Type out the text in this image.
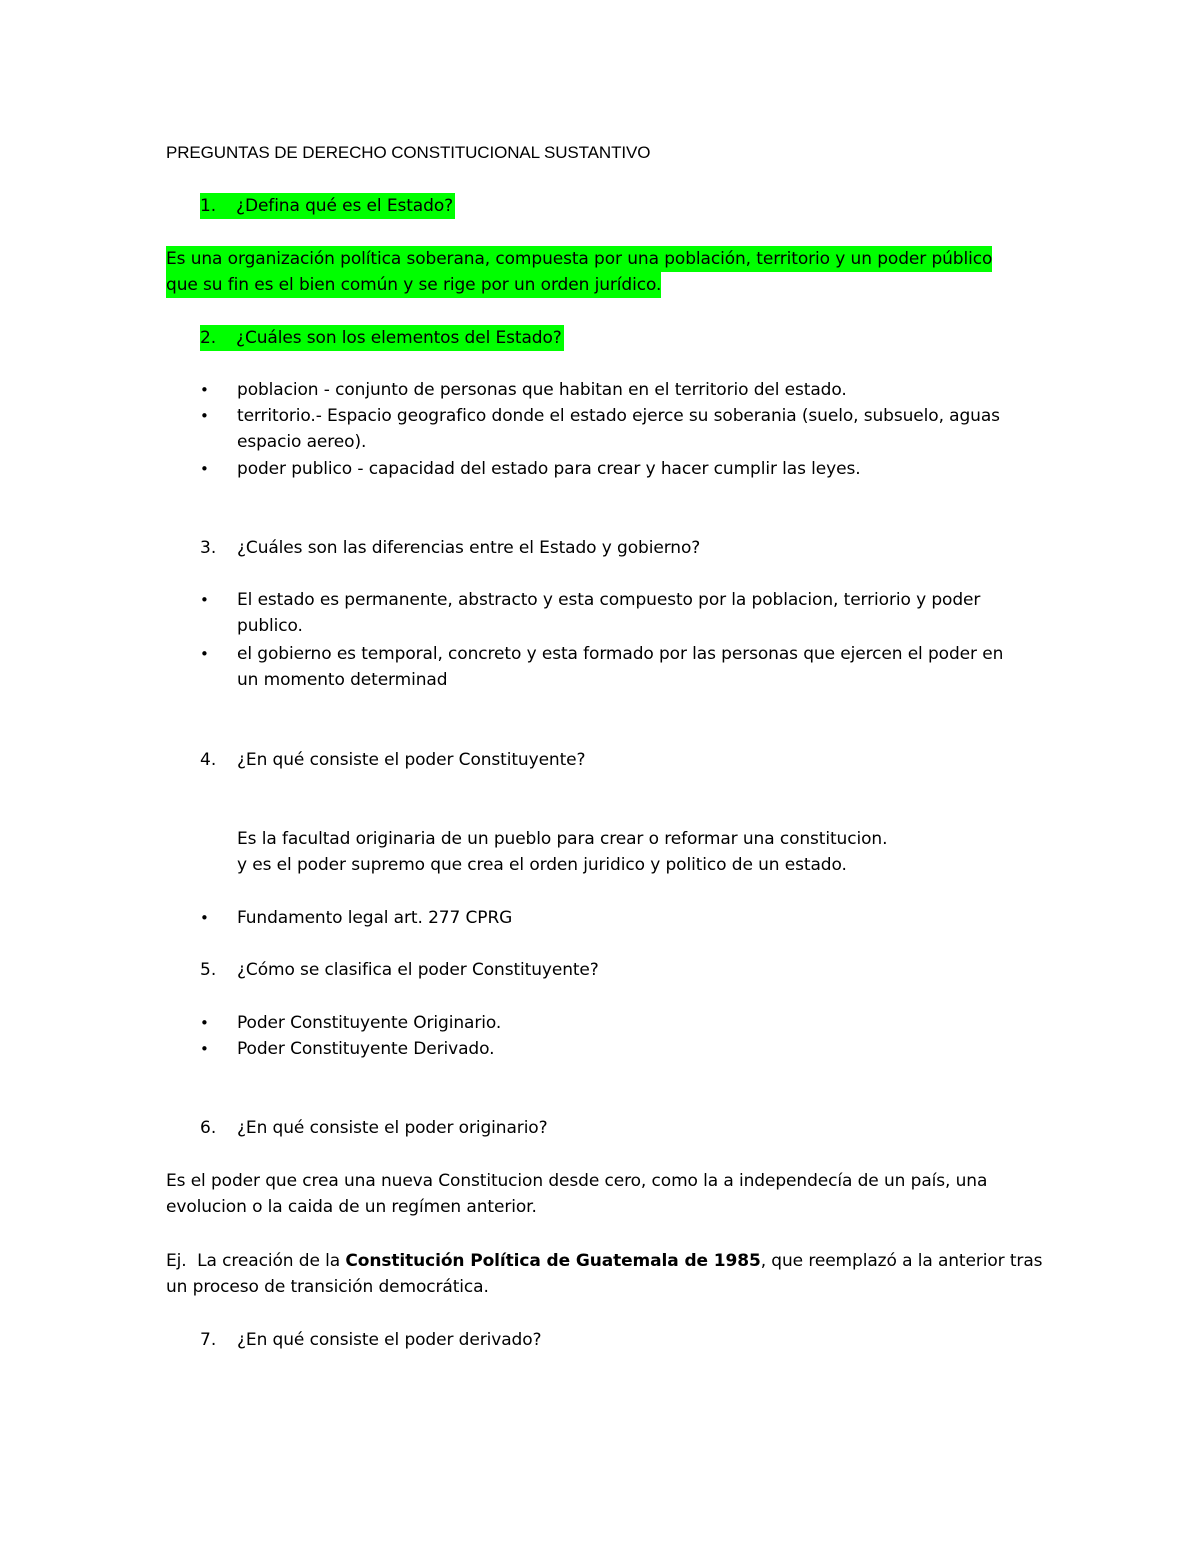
PREGUNTAS DE DERECHO CONSTITUCIONAL SUSTANTIVO
1. ¿Defina qué es el Estado?
Es una organización política soberana, compuesta por una población, territorio y un poder público
que su fin es el bien común y se rige por un orden jurídico.
2. ¿Cuáles son los elementos del Estado?
• poblacion - conjunto de personas que habitan en el territorio del estado.
• territorio.- Espacio geografico donde el estado ejerce su soberania (suelo, subsuelo, aguas
espacio aereo).
• poder publico - capacidad del estado para crear y hacer cumplir las leyes.
3. ¿Cuáles son las diferencias entre el Estado y gobierno?
• El estado es permanente, abstracto y esta compuesto por la poblacion, terriorio y poder
publico.
• el gobierno es temporal, concreto y esta formado por las personas que ejercen el poder en
un momento determinad
4. ¿En qué consiste el poder Constituyente?
Es la facultad originaria de un pueblo para crear o reformar una constitucion.
y es el poder supremo que crea el orden juridico y politico de un estado.
• Fundamento legal art. 277 CPRG
5. ¿Cómo se clasifica el poder Constituyente?
• Poder Constituyente Originario.
• Poder Constituyente Derivado.
6. ¿En qué consiste el poder originario?
Es el poder que crea una nueva Constitucion desde cero, como la a independecía de un país, una
evolucion o la caida de un regímen anterior.
Ej.  La creación de la Constitución Política de Guatemala de 1985, que reemplazó a la anterior tras
un proceso de transición democrática.
7. ¿En qué consiste el poder derivado?
